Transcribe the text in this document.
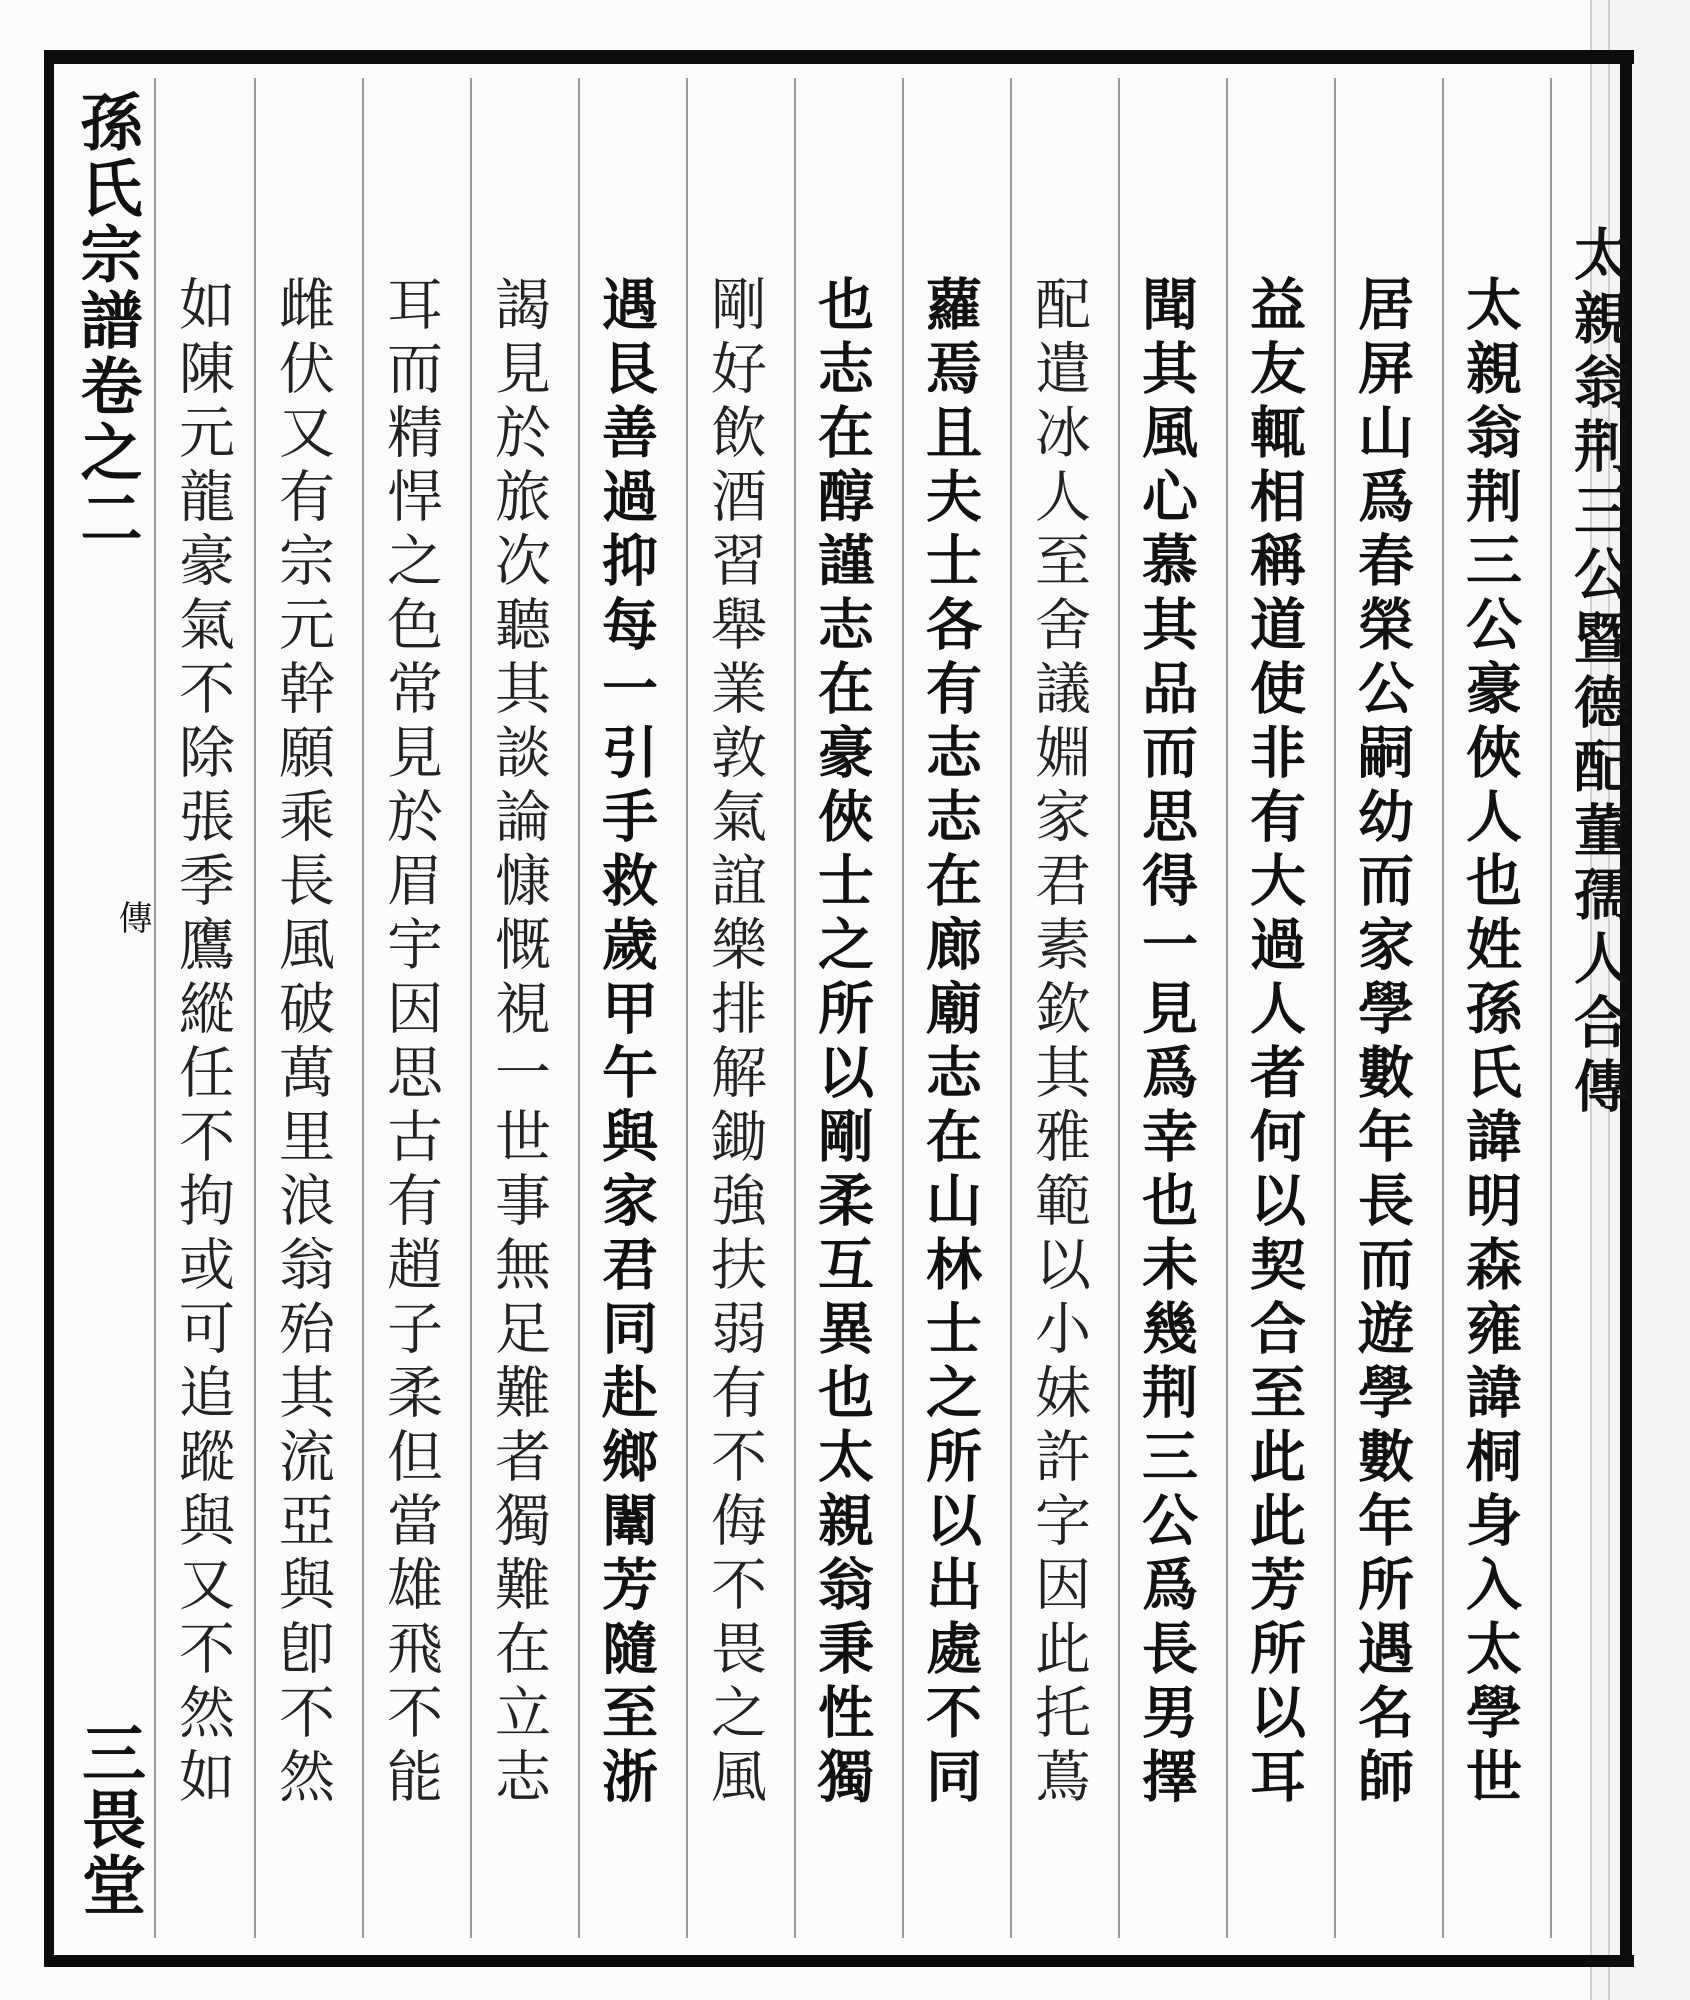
孫氏宗譜卷之二
傳
三畏堂
太親翁荆三公暨德配董孺人合傳
太親翁荆三公豪俠人也姓孫氏諱明森雍諱桐身入太學世
居屏山爲春榮公嗣幼而家學數年長而遊學數年所遇名師
益友輒相稱道使非有大過人者何以契合至此此芳所以耳
聞其風心慕其品而思得一見爲幸也未幾荆三公爲長男擇
配遣冰人至舍議婣家君素欽其雅範以小妹許字因此托蔦
蘿焉且夫士各有志志在廊廟志在山林士之所以出處不同
也志在醇謹志在豪俠士之所以剛柔互異也太親翁秉性獨
剛好飲酒習舉業敦氣誼樂排解鋤強扶弱有不侮不畏之風
遇艮善過抑每一引手救歲甲午與家君同赴鄉闈芳隨至浙
謁見於旅次聽其談論慷慨視一世事無足難者獨難在立志
耳而精悍之色常見於眉宇因思古有趙子柔但當雄飛不能
雌伏又有宗元幹願乘長風破萬里浪翁殆其流亞與卽不然
如陳元龍豪氣不除張季鷹縱任不拘或可追蹤與又不然如
